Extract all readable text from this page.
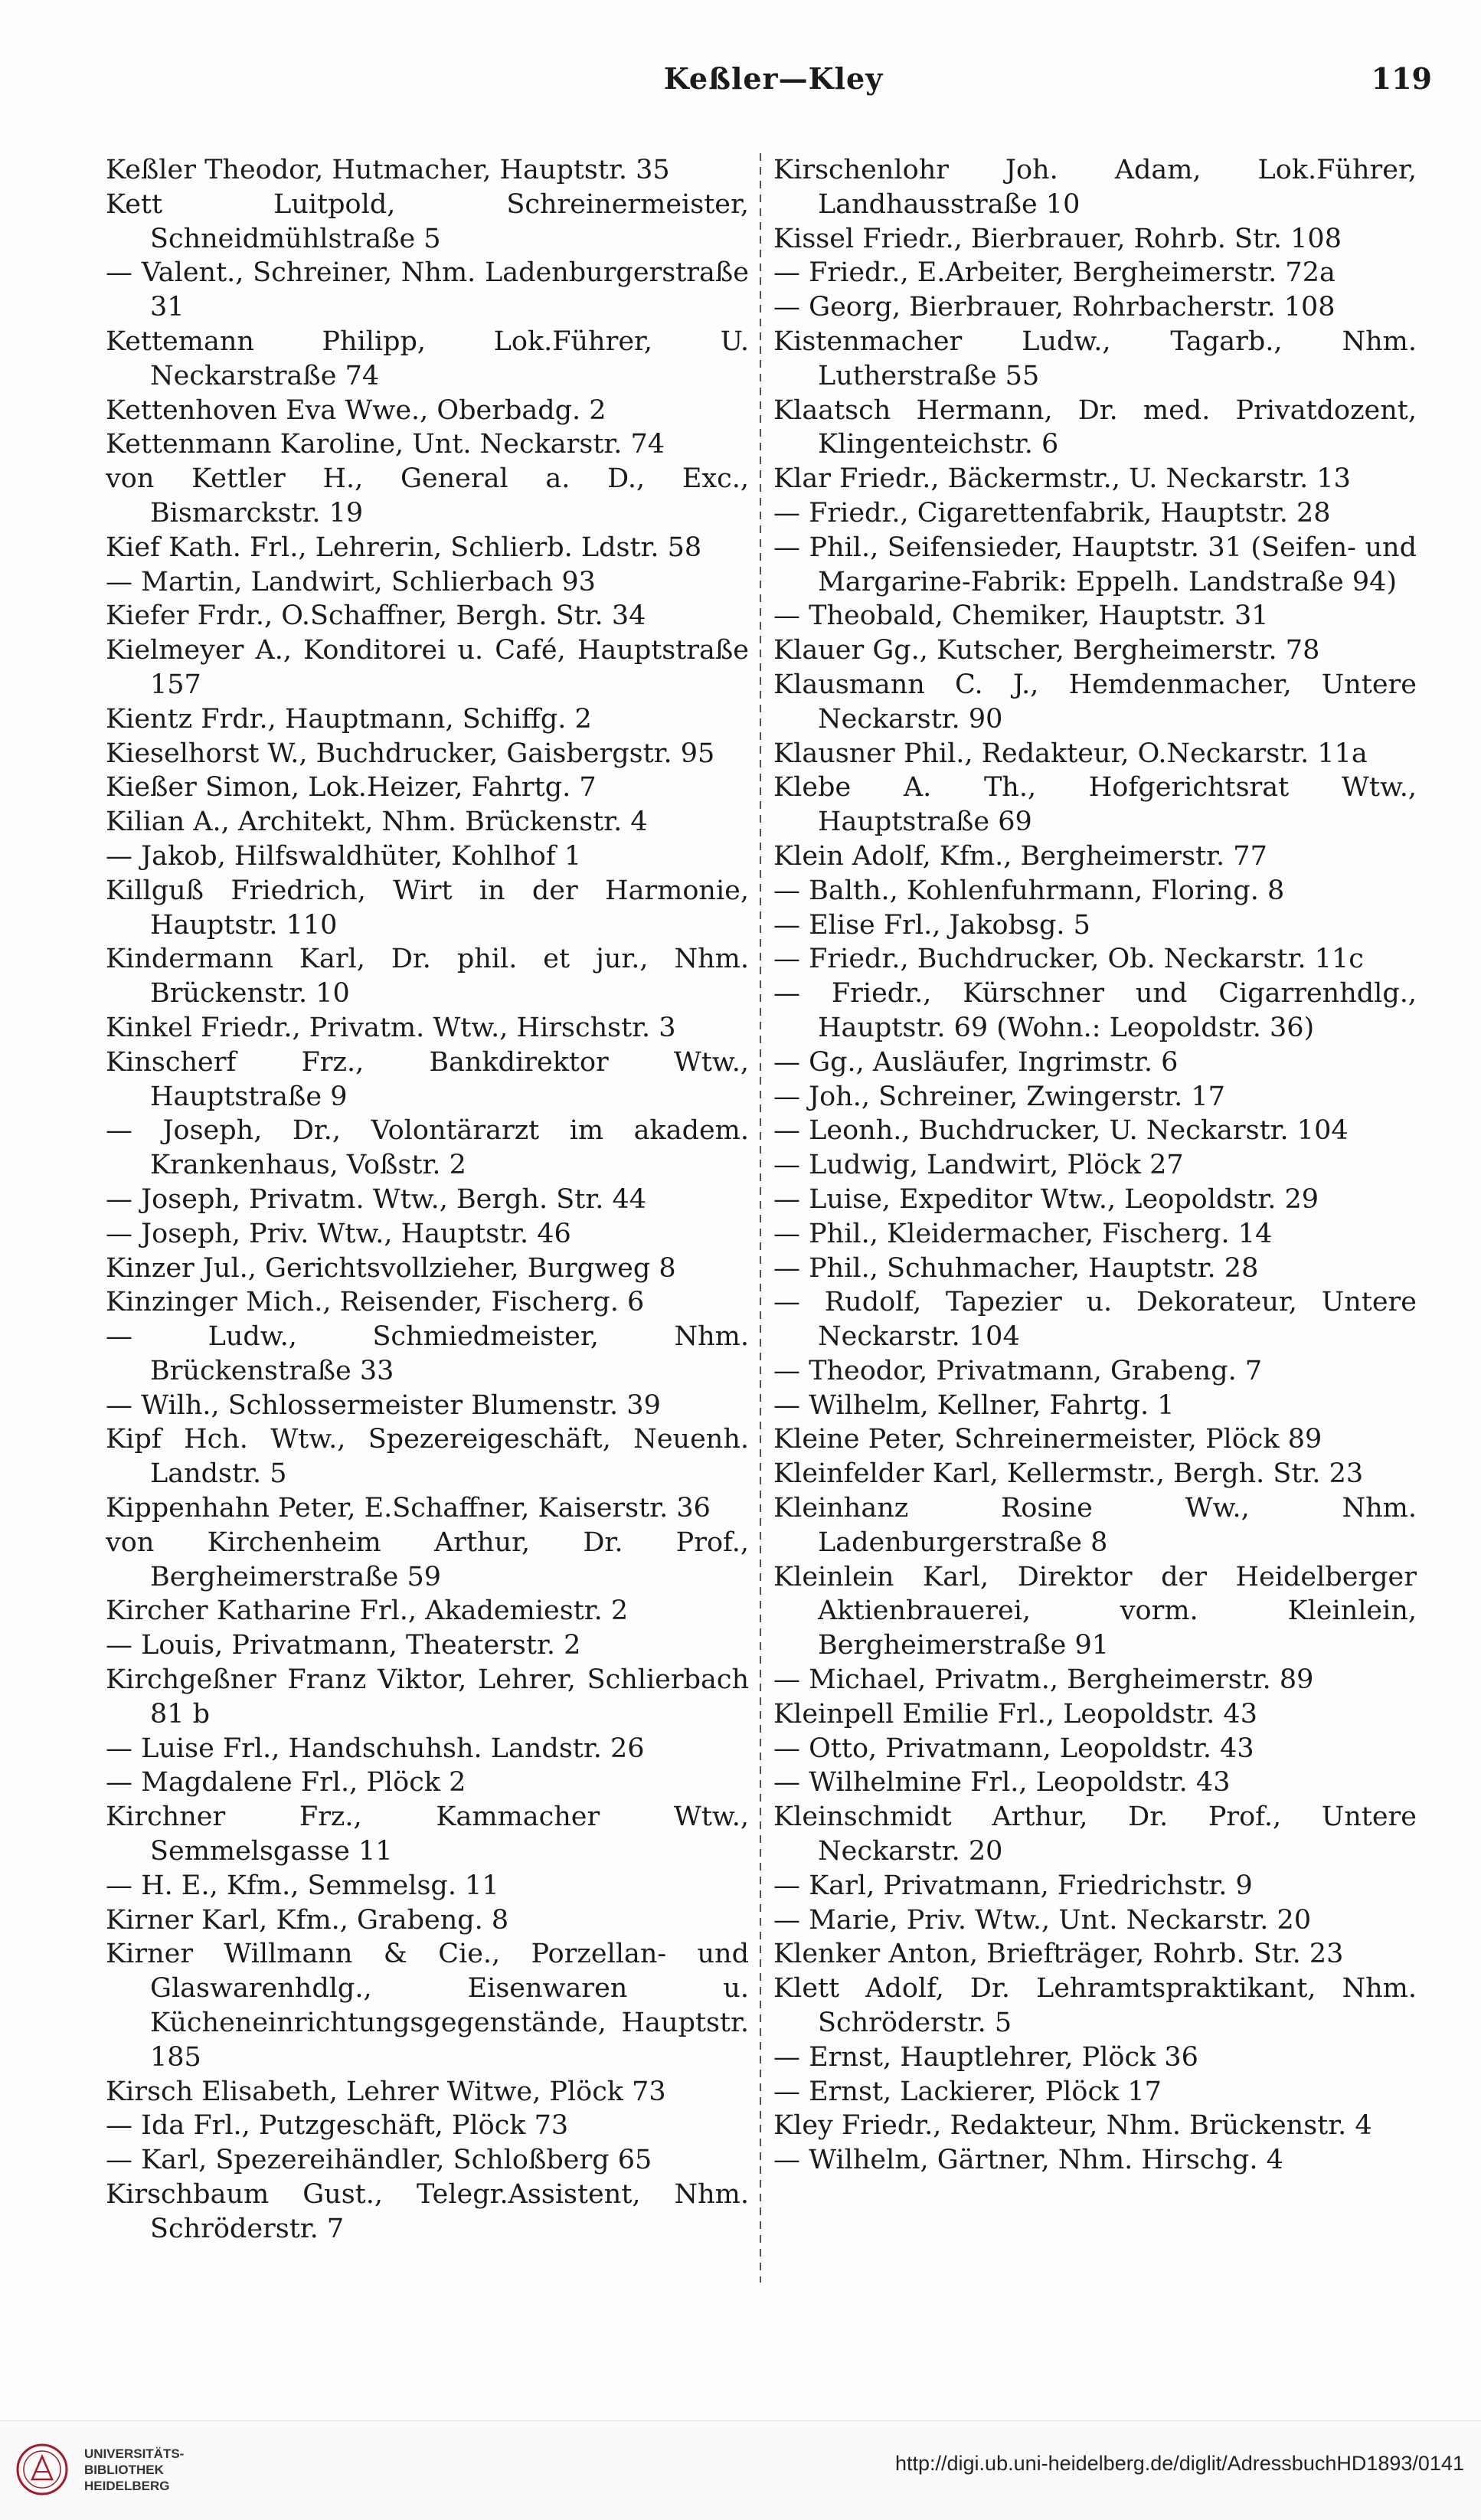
Keßler—Kley	119

Keßler Theodor, Hutmacher, Hauptstr. 35

Kett Luitpold, Schreinermeister, Schneidmühlstraße 5

— Valent., Schreiner, Nhm. Ladenburgerstraße 31

Kettemann Philipp, Lok.Führer, U. Neckarstraße 74

Kettenhoven Eva Wwe., Oberbadg. 2

Kettenmann Karoline, Unt. Neckarstr. 74

von Kettler H., General a. D., Exc., Bismarckstr. 19

Kief Kath. Frl., Lehrerin, Schlierb. Ldstr. 58

— Martin, Landwirt, Schlierbach 93

Kiefer Frdr., O.Schaffner, Bergh. Str. 34

Kielmeyer A., Konditorei u. Café, Hauptstraße 157

Kientz Frdr., Hauptmann, Schiffg. 2

Kieselhorst W., Buchdrucker, Gaisbergstr. 95

Kießer Simon, Lok.Heizer, Fahrtg. 7

Kilian A., Architekt, Nhm. Brückenstr. 4

— Jakob, Hilfswaldhüter, Kohlhof 1

Killguß Friedrich, Wirt in der Harmonie, Hauptstr. 110

Kindermann Karl, Dr. phil. et jur., Nhm. Brückenstr. 10

Kinkel Friedr., Privatm. Wtw., Hirschstr. 3

Kinscherf Frz., Bankdirektor Wtw., Hauptstraße 9

— Joseph, Dr., Volontärarzt im akadem. Krankenhaus, Voßstr. 2

— Joseph, Privatm. Wtw., Bergh. Str. 44

— Joseph, Priv. Wtw., Hauptstr. 46

Kinzer Jul., Gerichtsvollzieher, Burgweg 8

Kinzinger Mich., Reisender, Fischerg. 6

— Ludw., Schmiedmeister, Nhm. Brückenstraße 33

— Wilh., Schlossermeister Blumenstr. 39

Kipf Hch. Wtw., Spezereigeschäft, Neuenh. Landstr. 5

Kippenhahn Peter, E.Schaffner, Kaiserstr. 36

von Kirchenheim Arthur, Dr. Prof., Bergheimerstraße 59

Kircher Katharine Frl., Akademiestr. 2

— Louis, Privatmann, Theaterstr. 2

Kirchgeßner Franz Viktor, Lehrer, Schlierbach 81 b

— Luise Frl., Handschuhsh. Landstr. 26

— Magdalene Frl., Plöck 2

Kirchner Frz., Kammacher Wtw., Semmelsgasse 11

— H. E., Kfm., Semmelsg. 11

Kirner Karl, Kfm., Grabeng. 8

Kirner Willmann & Cie., Porzellan- und Glaswarenhdlg., Eisenwaren u. Kücheneinrichtungsgegenstände, Hauptstr. 185

Kirsch Elisabeth, Lehrer Witwe, Plöck 73

— Ida Frl., Putzgeschäft, Plöck 73

— Karl, Spezereihändler, Schloßberg 65

Kirschbaum Gust., Telegr.Assistent, Nhm. Schröderstr. 7

Kirschenlohr Joh. Adam, Lok.Führer, Landhausstraße 10

Kissel Friedr., Bierbrauer, Rohrb. Str. 108

— Friedr., E.Arbeiter, Bergheimerstr. 72a

— Georg, Bierbrauer, Rohrbacherstr. 108

Kistenmacher Ludw., Tagarb., Nhm. Lutherstraße 55

Klaatsch Hermann, Dr. med. Privatdozent, Klingenteichstr. 6

Klar Friedr., Bäckermstr., U. Neckarstr. 13

— Friedr., Cigarettenfabrik, Hauptstr. 28

— Phil., Seifensieder, Hauptstr. 31 (Seifen- und Margarine-Fabrik: Eppelh. Landstraße 94)

— Theobald, Chemiker, Hauptstr. 31

Klauer Gg., Kutscher, Bergheimerstr. 78

Klausmann C. J., Hemdenmacher, Untere Neckarstr. 90

Klausner Phil., Redakteur, O.Neckarstr. 11a

Klebe A. Th., Hofgerichtsrat Wtw., Hauptstraße 69

Klein Adolf, Kfm., Bergheimerstr. 77

— Balth., Kohlenfuhrmann, Floring. 8

— Elise Frl., Jakobsg. 5

— Friedr., Buchdrucker, Ob. Neckarstr. 11c

— Friedr., Kürschner und Cigarrenhdlg., Hauptstr. 69 (Wohn.: Leopoldstr. 36)

— Gg., Ausläufer, Ingrimstr. 6

— Joh., Schreiner, Zwingerstr. 17

— Leonh., Buchdrucker, U. Neckarstr. 104

— Ludwig, Landwirt, Plöck 27

— Luise, Expeditor Wtw., Leopoldstr. 29

— Phil., Kleidermacher, Fischerg. 14

— Phil., Schuhmacher, Hauptstr. 28

— Rudolf, Tapezier u. Dekorateur, Untere Neckarstr. 104

— Theodor, Privatmann, Grabeng. 7

— Wilhelm, Kellner, Fahrtg. 1

Kleine Peter, Schreinermeister, Plöck 89

Kleinfelder Karl, Kellermstr., Bergh. Str. 23

Kleinhanz Rosine Ww., Nhm. Ladenburgerstraße 8

Kleinlein Karl, Direktor der Heidelberger Aktienbrauerei, vorm. Kleinlein, Bergheimerstraße 91

— Michael, Privatm., Bergheimerstr. 89

Kleinpell Emilie Frl., Leopoldstr. 43

— Otto, Privatmann, Leopoldstr. 43

— Wilhelmine Frl., Leopoldstr. 43

Kleinschmidt Arthur, Dr. Prof., Untere Neckarstr. 20

— Karl, Privatmann, Friedrichstr. 9

— Marie, Priv. Wtw., Unt. Neckarstr. 20

Klenker Anton, Briefträger, Rohrb. Str. 23

Klett Adolf, Dr. Lehramtspraktikant, Nhm. Schröderstr. 5

— Ernst, Hauptlehrer, Plöck 36

— Ernst, Lackierer, Plöck 17

Kley Friedr., Redakteur, Nhm. Brückenstr. 4

— Wilhelm, Gärtner, Nhm. Hirschg. 4

UNIVERSITÄTS-
BIBLIOTHEK
HEIDELBERG
http://digi.ub.uni-heidelberg.de/diglit/AdressbuchHD1893/0141
